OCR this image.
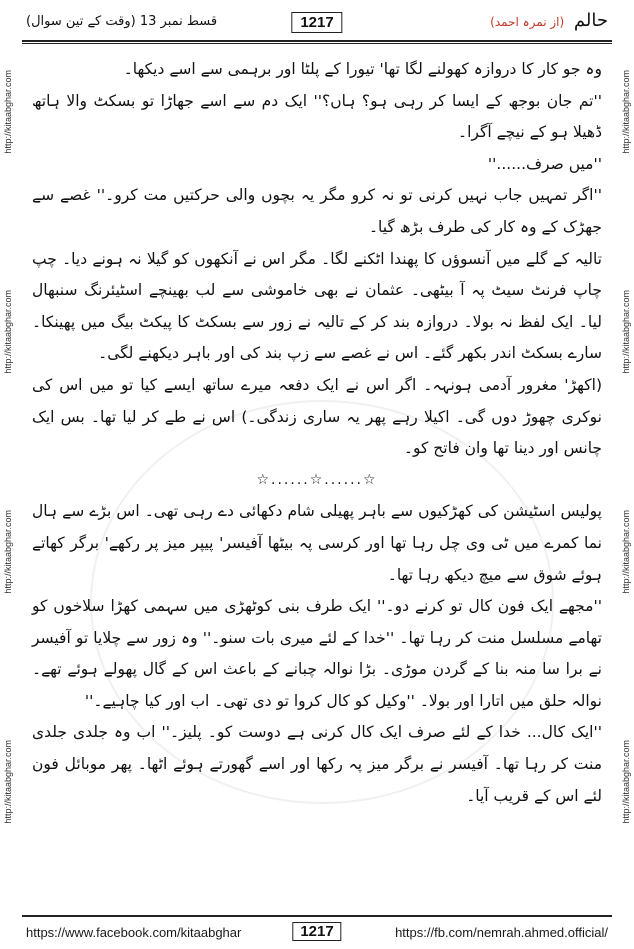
قسط نمبر 13 (وقت کے تین سوال)	1217	حالم (از نمرہ احمد)
http://kitaabghar.com
http://kitaabghar.com
http://kitaabghar.com
http://kitaabghar.com
http://kitaabghar.com
http://kitaabghar.com
http://kitaabghar.com
http://kitaabghar.com

وہ جو کار کا دروازہ کھولنے لگا تھا' تیورا کے پلٹا اور برہمی سے اسے دیکھا۔

''تم جان بوجھ کے ایسا کر رہی ہو؟ ہاں؟'' ایک دم سے اسے جھاڑا تو بسکٹ والا ہاتھ ڈھیلا ہو کے نیچے آگرا۔

''میں صرف......''

''اگر تمہیں جاب نہیں کرنی تو نہ کرو مگر یہ بچوں والی حرکتیں مت کرو۔'' غصے سے جھڑک کے وہ کار کی طرف بڑھ گیا۔

تالیہ کے گلے میں آنسوؤں کا پھندا اٹکنے لگا۔ مگر اس نے آنکھوں کو گیلا نہ ہونے دیا۔ چپ چاپ فرنٹ سیٹ پہ آ بیٹھی۔ عثمان نے بھی خاموشی سے لب بھینچے اسٹیئرنگ سنبھال لیا۔ ایک لفظ نہ بولا۔ دروازہ بند کر کے تالیہ نے زور سے بسکٹ کا پیکٹ بیگ میں پھینکا۔ سارے بسکٹ اندر بکھر گئے۔ اس نے غصے سے زپ بند کی اور باہر دیکھنے لگی۔

(اکھڑ' مغرور آدمی ہونہہ۔ اگر اس نے ایک دفعہ میرے ساتھ ایسے کیا تو میں اس کی نوکری چھوڑ دوں گی۔ اکیلا رہے پھر یہ ساری زندگی۔) اس نے طے کر لیا تھا۔ بس ایک چانس اور دینا تھا وان فاتح کو۔

☆......☆......☆

پولیس اسٹیشن کی کھڑکیوں سے باہر پھیلی شام دکھائی دے رہی تھی۔ اس بڑے سے ہال نما کمرے میں ٹی وی چل رہا تھا اور کرسی پہ بیٹھا آفیسر' پیپر میز پر رکھے' برگر کھاتے ہوئے شوق سے میچ دیکھ رہا تھا۔

''مجھے ایک فون کال تو کرنے دو۔'' ایک طرف بنی کوٹھڑی میں سہمی کھڑا سلاخوں کو تھامے مسلسل منت کر رہا تھا۔ ''خدا کے لئے میری بات سنو۔'' وہ زور سے چلایا تو آفیسر نے برا سا منہ بنا کے گردن موڑی۔ بڑا نوالہ چبانے کے باعث اس کے گال پھولے ہوئے تھے۔ نوالہ حلق میں اتارا اور بولا۔ ''وکیل کو کال کروا تو دی تھی۔ اب اور کیا چاہیے۔''

''ایک کال... خدا کے لئے صرف ایک کال کرنی ہے دوست کو۔ پلیز۔'' اب وہ جلدی جلدی منت کر رہا تھا۔ آفیسر نے برگر میز پہ رکھا اور اسے گھورتے ہوئے اٹھا۔ پھر موبائل فون لئے اس کے قریب آیا۔

https://www.facebook.com/kitaabghar	1217	https://fb.com/nemrah.ahmed.official/
